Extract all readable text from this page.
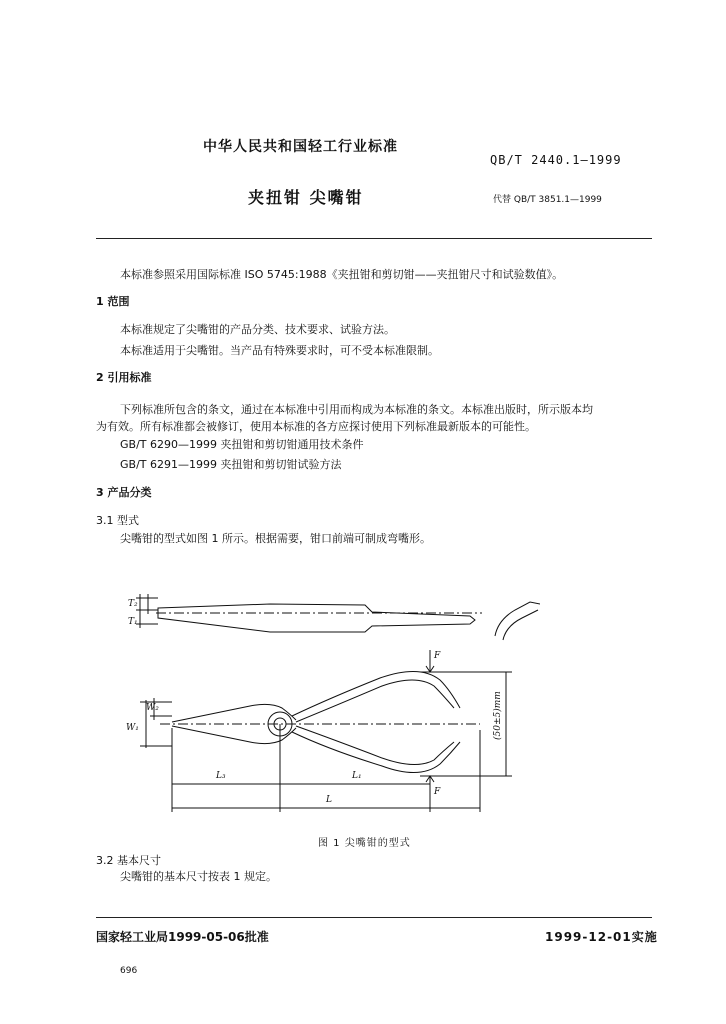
中华人民共和国轻工行业标准
QB/T 2440.1—1999
夹扭钳 尖嘴钳	代替 QB/T 3851.1—1999
本标准参照采用国际标准 ISO 5745:1988《夹扭钳和剪切钳——夹扭钳尺寸和试验数值》。
1 范围
本标准规定了尖嘴钳的产品分类、技术要求、试验方法。
本标准适用于尖嘴钳。当产品有特殊要求时，可不受本标准限制。
2 引用标准
下列标准所包含的条文，通过在本标准中引用而构成为本标准的条文。本标准出版时，所示版本均
为有效。所有标准都会被修订，使用本标准的各方应探讨使用下列标准最新版本的可能性。
GB/T 6290—1999 夹扭钳和剪切钳通用技术条件
GB/T 6291—1999 夹扭钳和剪切钳试验方法
3 产品分类
3.1 型式
尖嘴钳的型式如图 1 所示。根据需要，钳口前端可制成弯嘴形。
T₂
T₁
W₂
W₁
F
F
L₃	L₁
L
(50±5)mm
图 1 尖嘴钳的型式
3.2 基本尺寸
尖嘴钳的基本尺寸按表 1 规定。
国家轻工业局1999-05-06批准	1999-12-01实施
696
